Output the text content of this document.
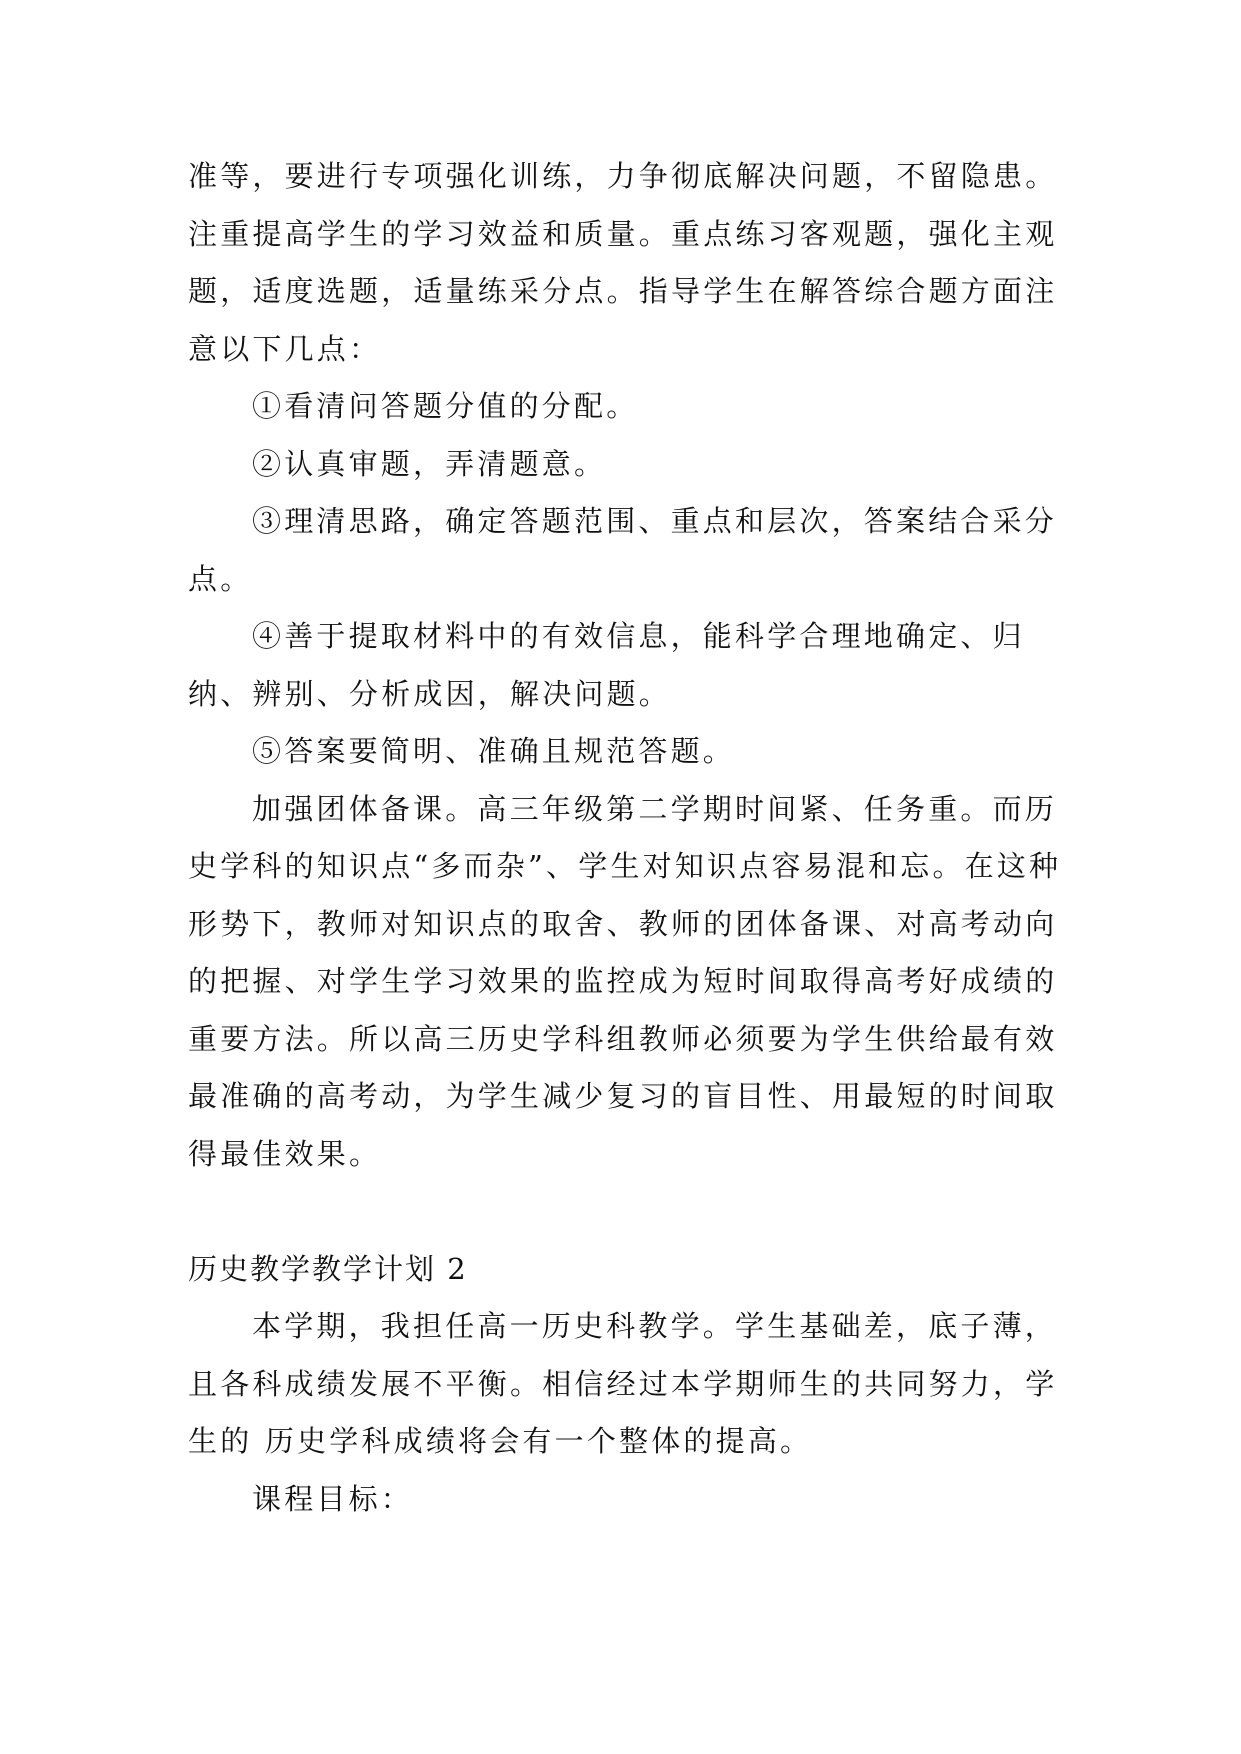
准等，要进行专项强化训练，力争彻底解决问题，不留隐患。注重提高学生的学习效益和质量。重点练习客观题，强化主观题，适度选题，适量练采分点。指导学生在解答综合题方面注意以下几点：

①看清问答题分值的分配。

②认真审题，弄清题意。

③理清思路，确定答题范围、重点和层次，答案结合采分点。

④善于提取材料中的有效信息，能科学合理地确定、归纳、辨别、分析成因，解决问题。

⑤答案要简明、准确且规范答题。

加强团体备课。高三年级第二学期时间紧、任务重。而历史学科的知识点“多而杂”、学生对知识点容易混和忘。在这种形势下，教师对知识点的取舍、教师的团体备课、对高考动向的把握、对学生学习效果的监控成为短时间取得高考好成绩的重要方法。所以高三历史学科组教师必须要为学生供给最有效最准确的高考动，为学生减少复习的盲目性、用最短的时间取得最佳效果。

历史教学教学计划 2

本学期，我担任高一历史科教学。学生基础差，底子薄，且各科成绩发展不平衡。相信经过本学期师生的共同努力，学生的 历史学科成绩将会有一个整体的提高。

课程目标：
